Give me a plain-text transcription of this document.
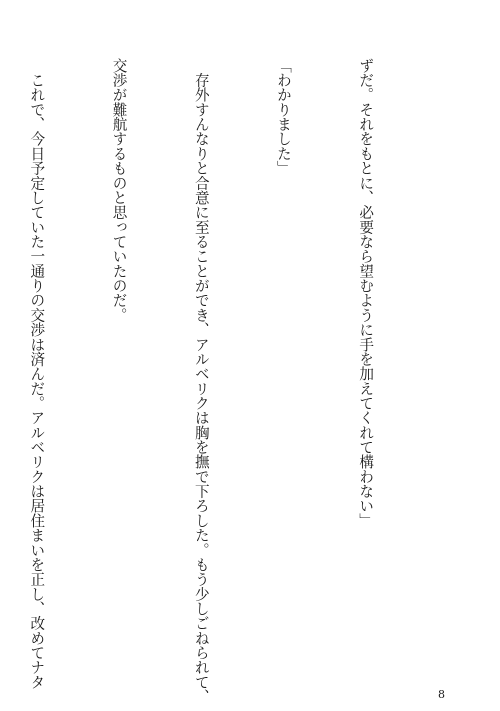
ずだ。それをもとに、必要なら望むように手を加えてくれて構わない」

「わかりました」

　存外すんなりと合意に至ることができ、アルベリクは胸を撫で下ろした。もう少しごねられて、

交渉が難航するものと思っていたのだ。

　これで、今日予定していた一通りの交渉は済んだ。アルベリクは居住まいを正し、改めてナタ

8
